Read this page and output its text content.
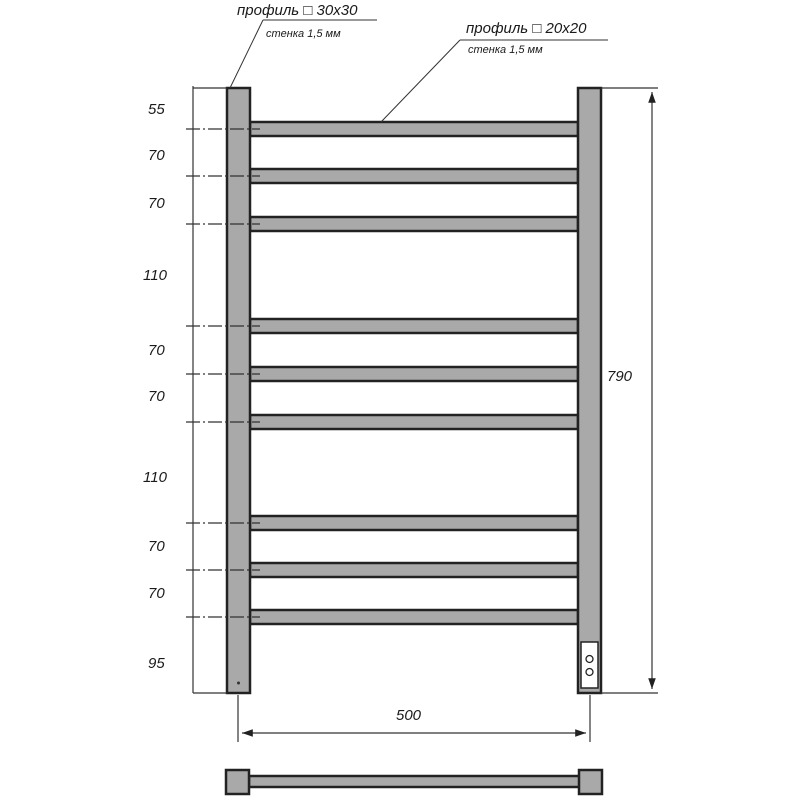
55
70
70
110
70
70
110
70
70
95
790
500
профиль □ 30x30
стенка 1,5 мм	профиль □ 20x20
стенка 1,5 мм
